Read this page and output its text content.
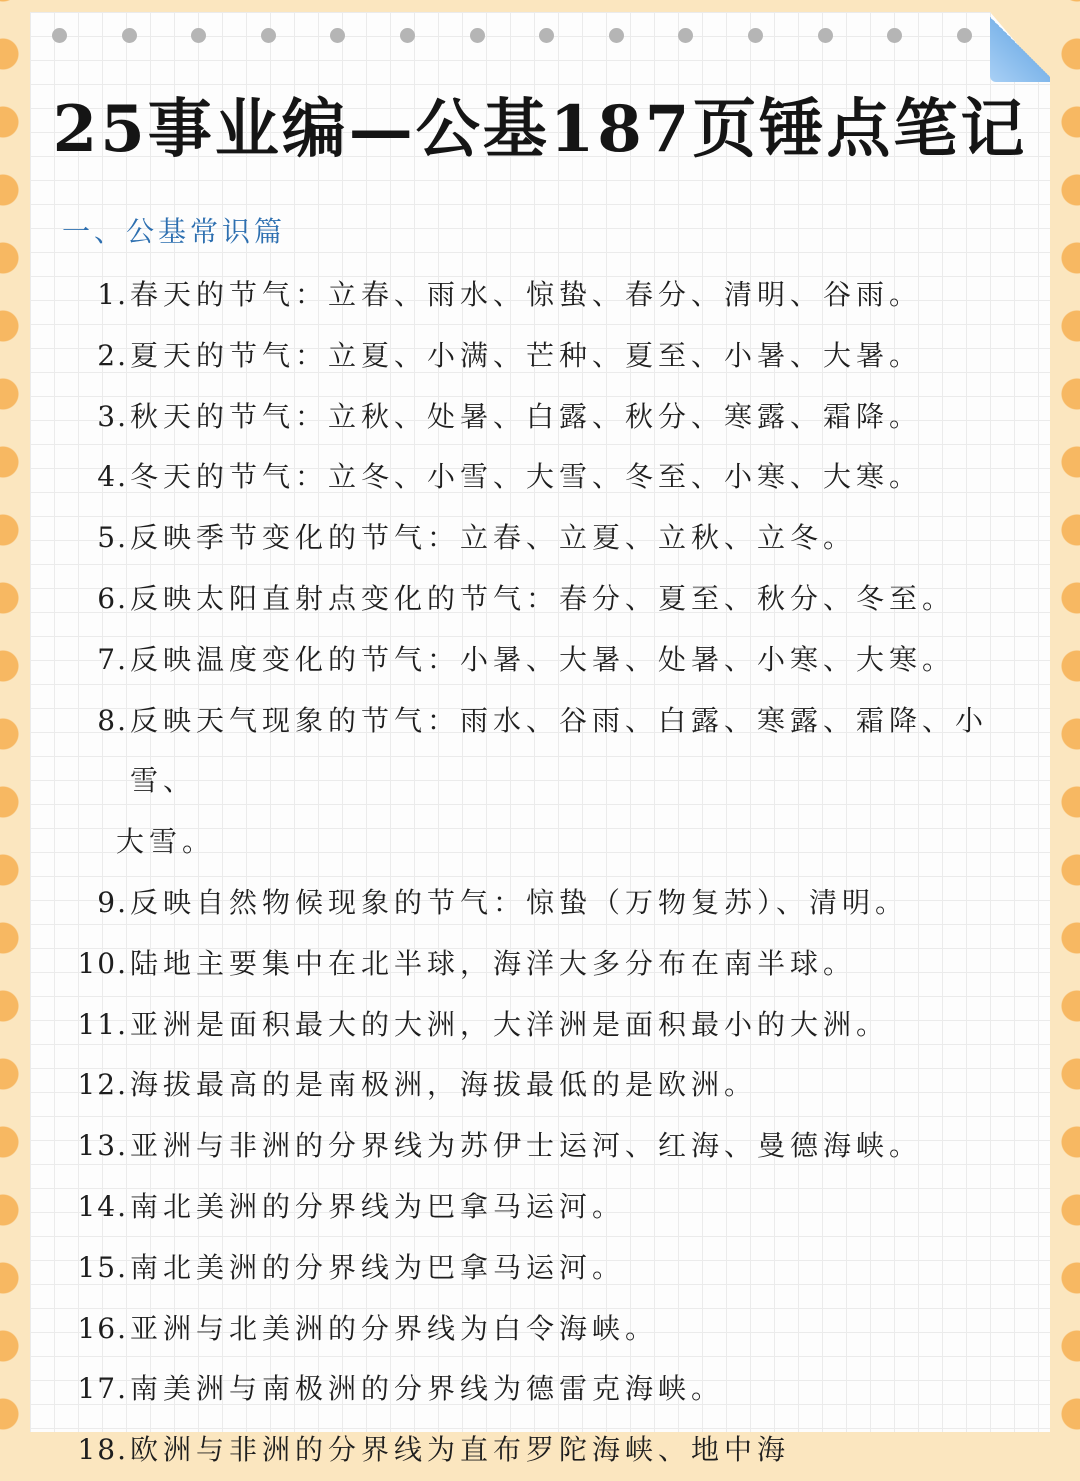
25事业编—公基187页锤点笔记
一、公基常识篇
1. 春天的节气：立春、雨水、惊蛰、春分、清明、谷雨。
2. 夏天的节气：立夏、小满、芒种、夏至、小暑、大暑。
3. 秋天的节气：立秋、处暑、白露、秋分、寒露、霜降。
4. 冬天的节气：立冬、小雪、大雪、冬至、小寒、大寒。
5. 反映季节变化的节气：立春、立夏、立秋、立冬。
6. 反映太阳直射点变化的节气：春分、夏至、秋分、冬至。
7. 反映温度变化的节气：小暑、大暑、处暑、小寒、大寒。
8. 反映天气现象的节气：雨水、谷雨、白露、寒露、霜降、小雪、
大雪。
9. 反映自然物候现象的节气：惊蛰（万物复苏）、清明。
10. 陆地主要集中在北半球，海洋大多分布在南半球。
11. 亚洲是面积最大的大洲，大洋洲是面积最小的大洲。
12. 海拔最高的是南极洲，海拔最低的是欧洲。
13. 亚洲与非洲的分界线为苏伊士运河、红海、曼德海峡。
14. 南北美洲的分界线为巴拿马运河。
15. 南北美洲的分界线为巴拿马运河。
16. 亚洲与北美洲的分界线为白令海峡。
17. 南美洲与南极洲的分界线为德雷克海峡。
18. 欧洲与非洲的分界线为直布罗陀海峡、地中海
